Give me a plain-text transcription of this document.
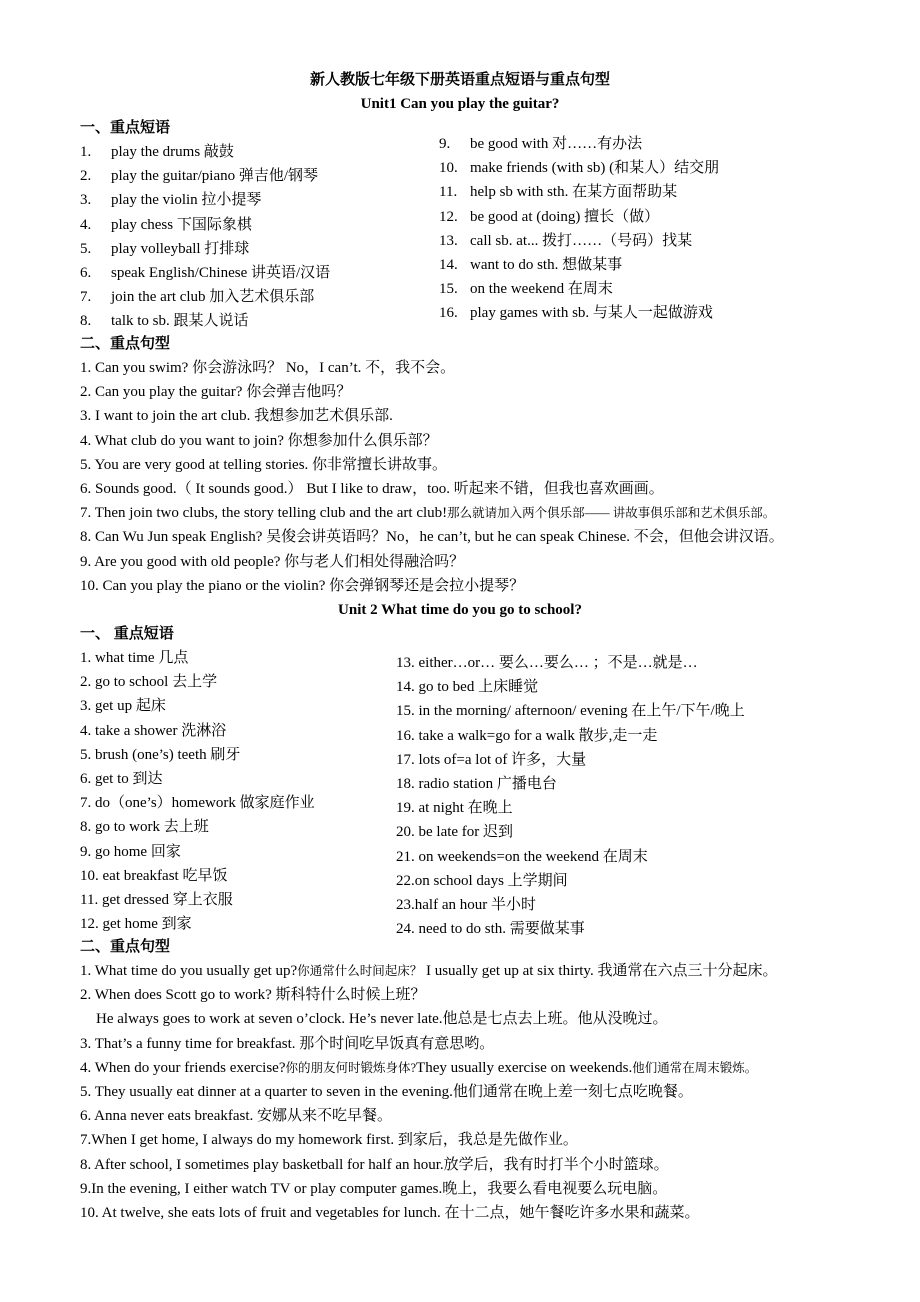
新人教版七年级下册英语重点短语与重点句型
Unit1 Can you play the guitar?
一、重点短语
1. play the drums 敲鼓
2. play the guitar/piano 弹吉他/钢琴
3. play the violin 拉小提琴
4. play chess 下国际象棋
5. play volleyball 打排球
6. speak English/Chinese 讲英语/汉语
7. join the art club 加入艺术俱乐部
8. talk to sb. 跟某人说话
9. be good with 对……有办法
10. make friends (with sb) (和某人）结交朋
11. help sb with sth. 在某方面帮助某
12. be good at (doing) 擅长（做）
13. call sb. at... 拨打……（号码）找某
14. want to do sth. 想做某事
15. on the weekend 在周末
16. play games with sb. 与某人一起做游戏
二、重点句型
1. Can you swim? 你会游泳吗？ No，I can’t. 不，我不会。
2. Can you play the guitar? 你会弹吉他吗？
3. I want to join the art club. 我想参加艺术俱乐部.
4. What club do you want to join? 你想参加什么俱乐部？
5. You are very good at telling stories. 你非常擅长讲故事。
6. Sounds good.（ It sounds good.） But I like to draw，too. 听起来不错，但我也喜欢画画。
7. Then join two clubs, the story telling club and the art club!那么就请加入两个俱乐部—— 讲故事俱乐部和艺术俱乐部。
8. Can Wu Jun speak English? 吴俊会讲英语吗？No，he can’t, but he can speak Chinese. 不会，但他会讲汉语。
9. Are you good with old people? 你与老人们相处得融洽吗？
10. Can you play the piano or the violin? 你会弹钢琴还是会拉小提琴？
Unit 2 What time do you go to school?
一、 重点短语
1. what time 几点
2. go to school 去上学
3. get up 起床
4. take a shower 洗淋浴
5. brush (one’s) teeth 刷牙
6. get to 到达
7. do（one’s）homework 做家庭作业
8. go to work 去上班
9. go home 回家
10. eat breakfast 吃早饭
11. get dressed 穿上衣服
12. get home 到家
13. either…or… 要么…要么… ；不是…就是…
14. go to bed 上床睡觉
15. in the morning/ afternoon/ evening 在上午/下午/晚上
16. take a walk=go for a walk 散步,走一走
17. lots of=a lot of 许多，大量
18. radio station 广播电台
19. at night 在晚上
20. be late for 迟到
21. on weekends=on the weekend 在周末
22.on school days 上学期间
23.half an hour 半小时
24. need to do sth. 需要做某事
二、重点句型
1. What time do you usually get up?你通常什么时间起床？ I usually get up at six thirty. 我通常在六点三十分起床。
2. When does Scott go to work? 斯科特什么时候上班？
He always goes to work at seven o’clock. He’s never late.他总是七点去上班。他从没晚过。
3. That’s a funny time for breakfast. 那个时间吃早饭真有意思哟。
4. When do your friends exercise?你的朋友何时锻炼身体?They usually exercise on weekends.他们通常在周末锻炼。
5. They usually eat dinner at a quarter to seven in the evening.他们通常在晚上差一刻七点吃晚餐。
6. Anna never eats breakfast. 安娜从来不吃早餐。
7.When I get home, I always do my homework first. 到家后，我总是先做作业。
8. After school, I sometimes play basketball for half an hour.放学后，我有时打半个小时篮球。
9.In the evening, I either watch TV or play computer games.晚上，我要么看电视要么玩电脑。
10. At twelve, she eats lots of fruit and vegetables for lunch. 在十二点，她午餐吃许多水果和蔬菜。
